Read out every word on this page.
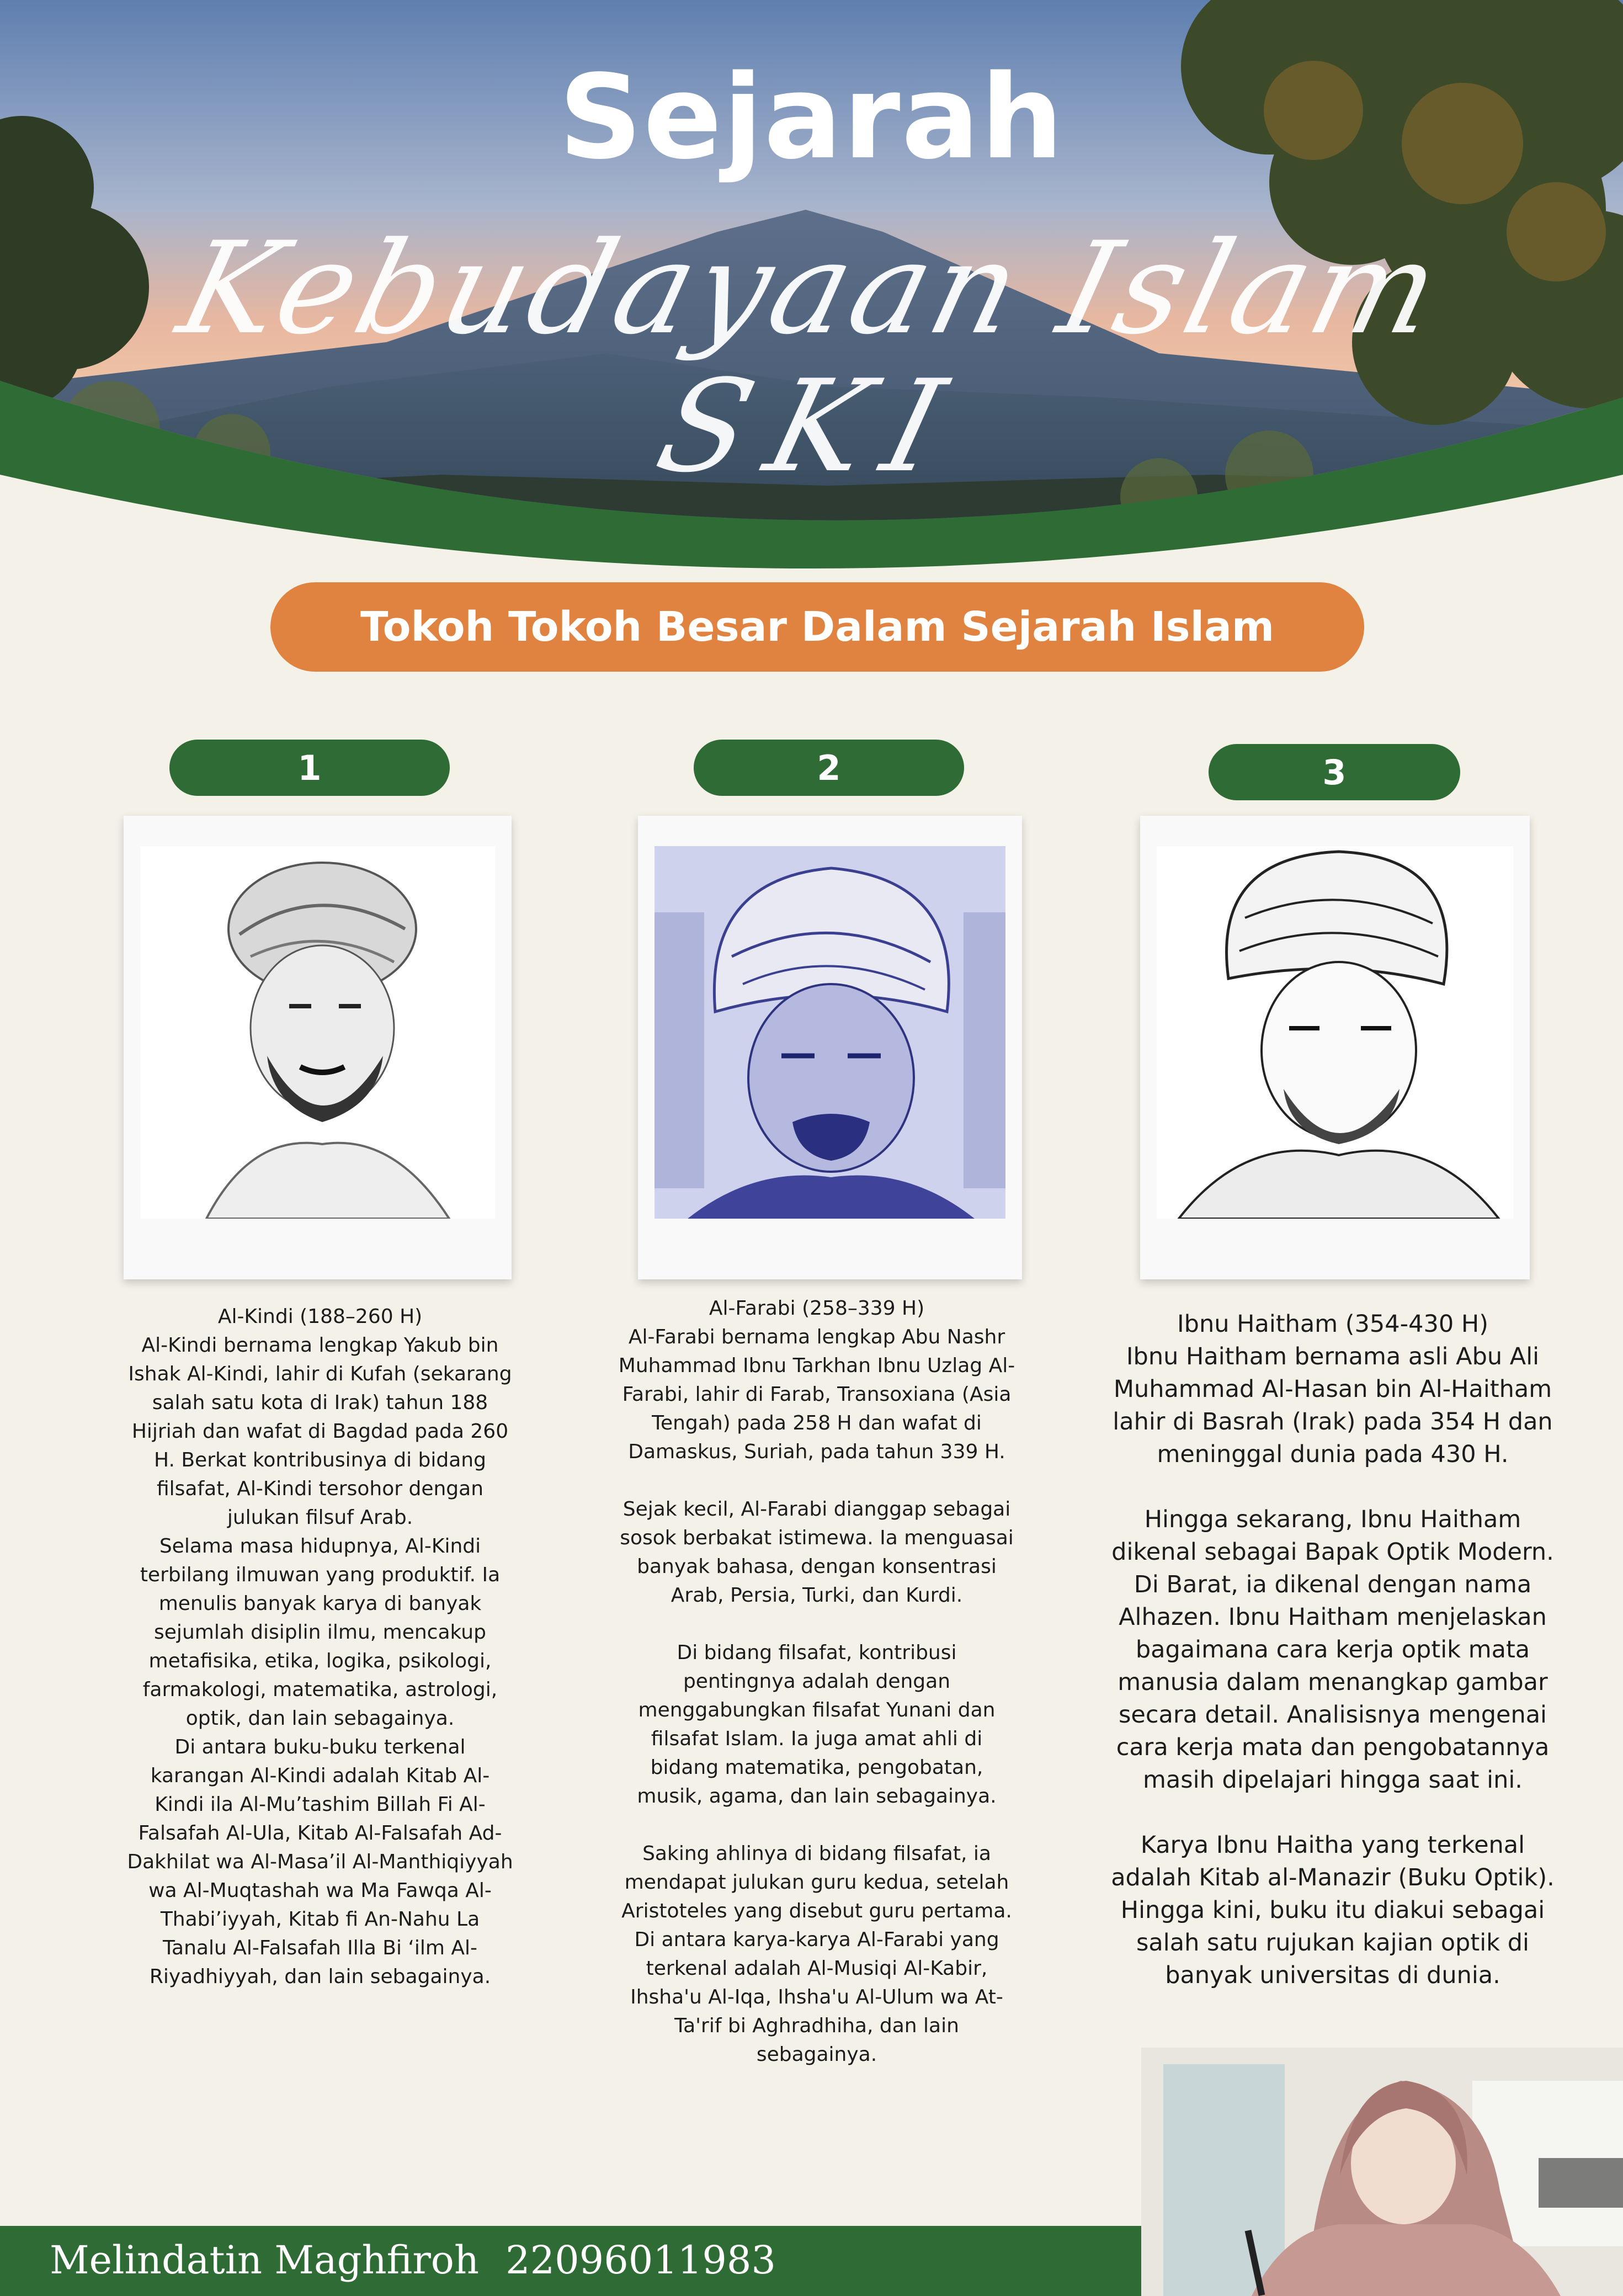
Sejarah
Kebudayaan Islam
SKI
Tokoh Tokoh Besar Dalam Sejarah Islam
1	2	3

Al-Kindi (188–260 H)
Al-Kindi bernama lengkap Yakub bin
Ishak Al-Kindi, lahir di Kufah (sekarang
salah satu kota di Irak) tahun 188
Hijriah dan wafat di Bagdad pada 260
H. Berkat kontribusinya di bidang
filsafat, Al-Kindi tersohor dengan
julukan filsuf Arab.
Selama masa hidupnya, Al-Kindi
terbilang ilmuwan yang produktif. Ia
menulis banyak karya di banyak
sejumlah disiplin ilmu, mencakup
metafisika, etika, logika, psikologi,
farmakologi, matematika, astrologi,
optik, dan lain sebagainya.
Di antara buku-buku terkenal
karangan Al-Kindi adalah Kitab Al-
Kindi ila Al-Mu’tashim Billah Fi Al-
Falsafah Al-Ula, Kitab Al-Falsafah Ad-
Dakhilat wa Al-Masa’il Al-Manthiqiyyah
wa Al-Muqtashah wa Ma Fawqa Al-
Thabi’iyyah, Kitab fi An-Nahu La
Tanalu Al-Falsafah Illa Bi ‘ilm Al-
Riyadhiyyah, dan lain sebagainya.

Al-Farabi (258–339 H)
Al-Farabi bernama lengkap Abu Nashr
Muhammad Ibnu Tarkhan Ibnu Uzlag Al-
Farabi, lahir di Farab, Transoxiana (Asia
Tengah) pada 258 H dan wafat di
Damaskus, Suriah, pada tahun 339 H.

Sejak kecil, Al-Farabi dianggap sebagai
sosok berbakat istimewa. Ia menguasai
banyak bahasa, dengan konsentrasi
Arab, Persia, Turki, dan Kurdi.

Di bidang filsafat, kontribusi
pentingnya adalah dengan
menggabungkan filsafat Yunani dan
filsafat Islam. Ia juga amat ahli di
bidang matematika, pengobatan,
musik, agama, dan lain sebagainya.

Saking ahlinya di bidang filsafat, ia
mendapat julukan guru kedua, setelah
Aristoteles yang disebut guru pertama.
Di antara karya-karya Al-Farabi yang
terkenal adalah Al-Musiqi Al-Kabir,
Ihsha'u Al-Iqa, Ihsha'u Al-Ulum wa At-
Ta'rif bi Aghradhiha, dan lain
sebagainya.

Ibnu Haitham (354-430 H)
Ibnu Haitham bernama asli Abu Ali
Muhammad Al-Hasan bin Al-Haitham
lahir di Basrah (Irak) pada 354 H dan
meninggal dunia pada 430 H.

Hingga sekarang, Ibnu Haitham
dikenal sebagai Bapak Optik Modern.
Di Barat, ia dikenal dengan nama
Alhazen. Ibnu Haitham menjelaskan
bagaimana cara kerja optik mata
manusia dalam menangkap gambar
secara detail. Analisisnya mengenai
cara kerja mata dan pengobatannya
masih dipelajari hingga saat ini.

Karya Ibnu Haitha yang terkenal
adalah Kitab al-Manazir (Buku Optik).
Hingga kini, buku itu diakui sebagai
salah satu rujukan kajian optik di
banyak universitas di dunia.

Melindatin Maghfiroh 22096011983
